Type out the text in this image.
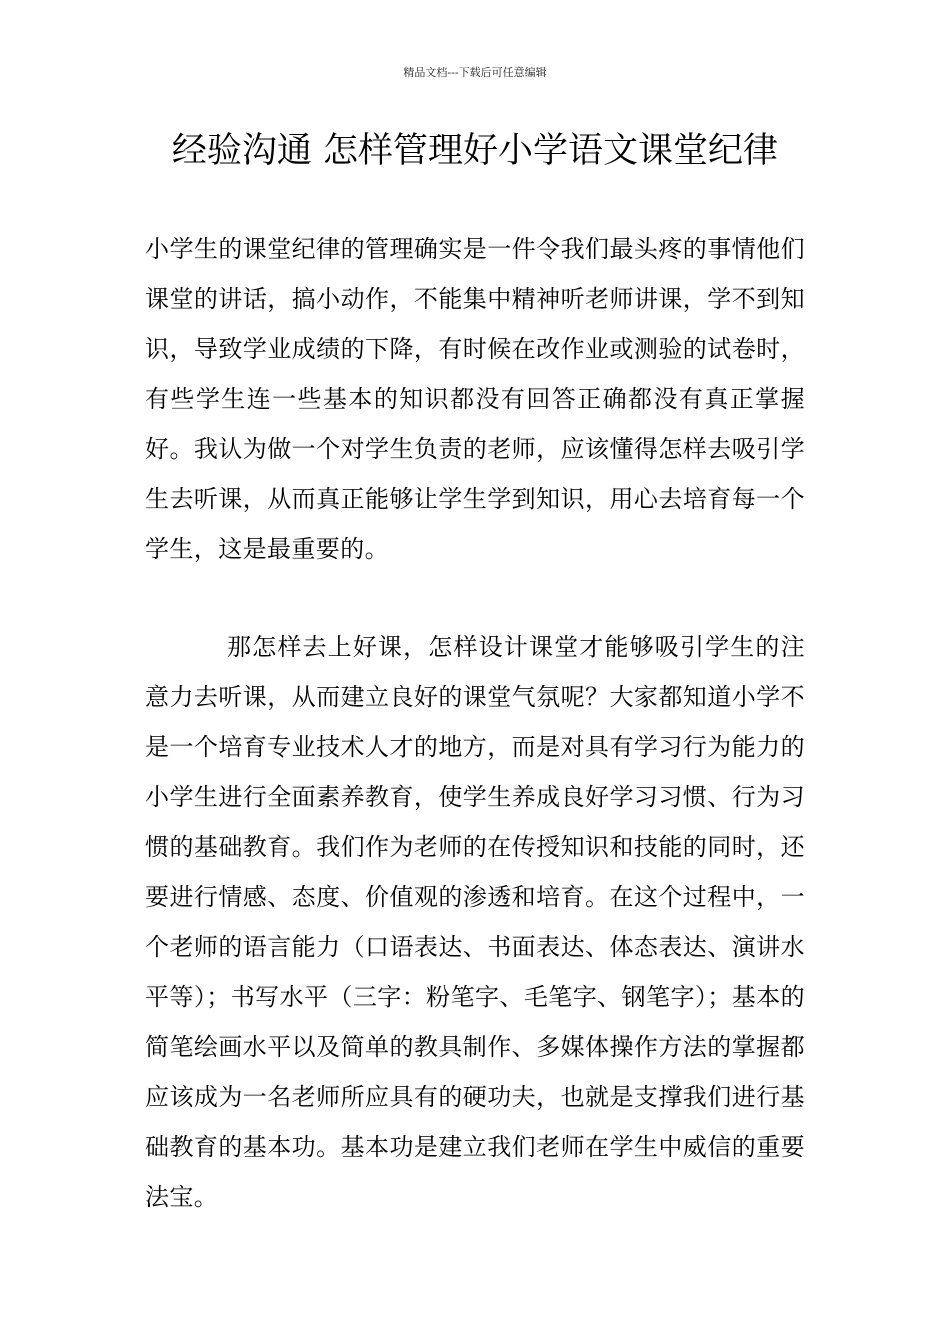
精品文档---下载后可任意编辑
经验沟通 怎样管理好小学语文课堂纪律

小学生的课堂纪律的管理确实是一件令我们最头疼的事情他们课堂的讲话，搞小动作，不能集中精神听老师讲课，学不到知识，导致学业成绩的下降，有时候在改作业或测验的试卷时，有些学生连一些基本的知识都没有回答正确都没有真正掌握好。我认为做一个对学生负责的老师，应该懂得怎样去吸引学生去听课，从而真正能够让学生学到知识，用心去培育每一个学生，这是最重要的。

那怎样去上好课，怎样设计课堂才能够吸引学生的注意力去听课，从而建立良好的课堂气氛呢？大家都知道小学不是一个培育专业技术人才的地方，而是对具有学习行为能力的小学生进行全面素养教育，使学生养成良好学习习惯、行为习惯的基础教育。我们作为老师的在传授知识和技能的同时，还要进行情感、态度、价值观的渗透和培育。在这个过程中，一个老师的语言能力（口语表达、书面表达、体态表达、演讲水平等）；书写水平（三字：粉笔字、毛笔字、钢笔字）；基本的简笔绘画水平以及简单的教具制作、多媒体操作方法的掌握都应该成为一名老师所应具有的硬功夫，也就是支撑我们进行基础教育的基本功。基本功是建立我们老师在学生中威信的重要法宝。
